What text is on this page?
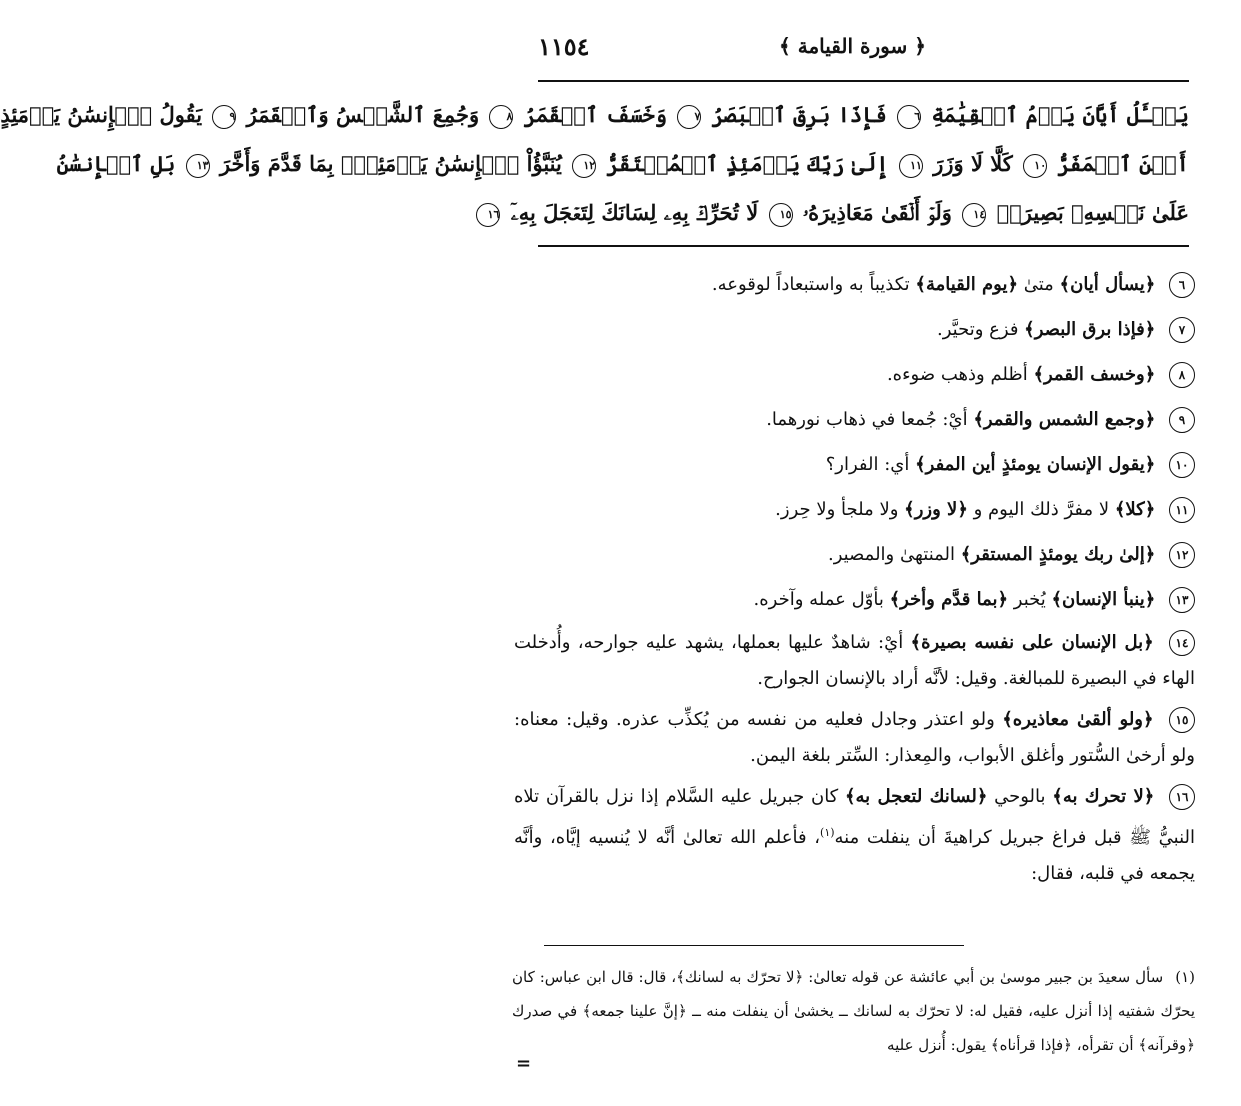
١١٥٤	﴿ سورة القيامة ﴾
يَسۡـَٔلُ أَيَّانَ يَوۡمُ ٱلۡقِيَٰمَةِ ٦ فَإِذَا بَرِقَ ٱلۡبَصَرُ ٧ وَخَسَفَ ٱلۡقَمَرُ ٨ وَجُمِعَ ٱلشَّمۡسُ وَٱلۡقَمَرُ ٩ يَقُولُ ٱلۡإِنسَٰنُ يَوۡمَئِذٍ
أَيۡنَ ٱلۡمَفَرُّ ١٠ كَلَّا لَا وَزَرَ ١١ إِلَىٰ رَبِّكَ يَوۡمَئِذٍ ٱلۡمُسۡتَقَرُّ ١٢ يُنَبَّؤُاْ ٱلۡإِنسَٰنُ يَوۡمَئِذِۭ بِمَا قَدَّمَ وَأَخَّرَ ١٣ بَلِ ٱلۡإِنسَٰنُ
عَلَىٰ نَفۡسِهِۦ بَصِيرَةٞ ١٤ وَلَوۡ أَلۡقَىٰ مَعَاذِيرَهُۥ ١٥ لَا تُحَرِّكۡ بِهِۦ لِسَانَكَ لِتَعۡجَلَ بِهِۦٓ ١٦
٦ ﴿يسأل أيان﴾ متىٰ ﴿يوم القيامة﴾ تكذيباً به واستبعاداً لوقوعه.
٧ ﴿فإذا برق البصر﴾ فزع وتحيَّر.
٨ ﴿وخسف القمر﴾ أظلم وذهب ضوءه.
٩ ﴿وجمع الشمس والقمر﴾ أيْ: جُمعا في ذهاب نورهما.
١٠ ﴿يقول الإنسان يومئذٍ أين المفر﴾ أي: الفرار؟
١١ ﴿كلا﴾ لا مفرَّ ذلك اليوم و ﴿لا وزر﴾ ولا ملجأ ولا حِرز.
١٢ ﴿إلىٰ ربك يومئذٍ المستقر﴾ المنتهىٰ والمصير.
١٣ ﴿ينبأ الإنسان﴾ يُخبر ﴿بما قدَّم وأخر﴾ بأوّل عمله وآخره.
١٤ ﴿بل الإنسان على نفسه بصيرة﴾ أيْ: شاهدٌ عليها بعملها، يشهد عليه جوارحه، وأُدخلت الهاء في البصيرة للمبالغة. وقيل: لأنَّه أراد بالإنسان الجوارح.
١٥ ﴿ولو ألقىٰ معاذيره﴾ ولو اعتذر وجادل فعليه من نفسه من يُكذِّب عذره. وقيل: معناه: ولو أرخىٰ السُّتور وأغلق الأبواب، والمِعذار: السِّتر بلغة اليمن.
١٦ ﴿لا تحرك به﴾ بالوحي ﴿لسانك لتعجل به﴾ كان جبريل عليه السَّلام إذا نزل بالقرآن تلاه النبيُّ ﷺ قبل فراغ جبريل كراهيةَ أن ينفلت منه$^{(١)}$، فأعلم الله تعالىٰ أنَّه لا يُنسيه إيَّاه، وأنَّه يجمعه في قلبه، فقال:
(١)سأل سعيدَ بن جبير موسىٰ بن أبي عائشة عن قوله تعالىٰ: ﴿لا تحرّك به لسانك﴾، قال: قال ابن عباس: كان يحرّك شفتيه إذا أنزل عليه، فقيل له: لا تحرّك به لسانك ــ يخشىٰ أن ينفلت منه ــ ﴿إنَّ علينا جمعه﴾ في صدرك ﴿وقرآنه﴾ أن تقرأه، ﴿فإذا قرأناه﴾ يقول: أُنزل عليه
=
